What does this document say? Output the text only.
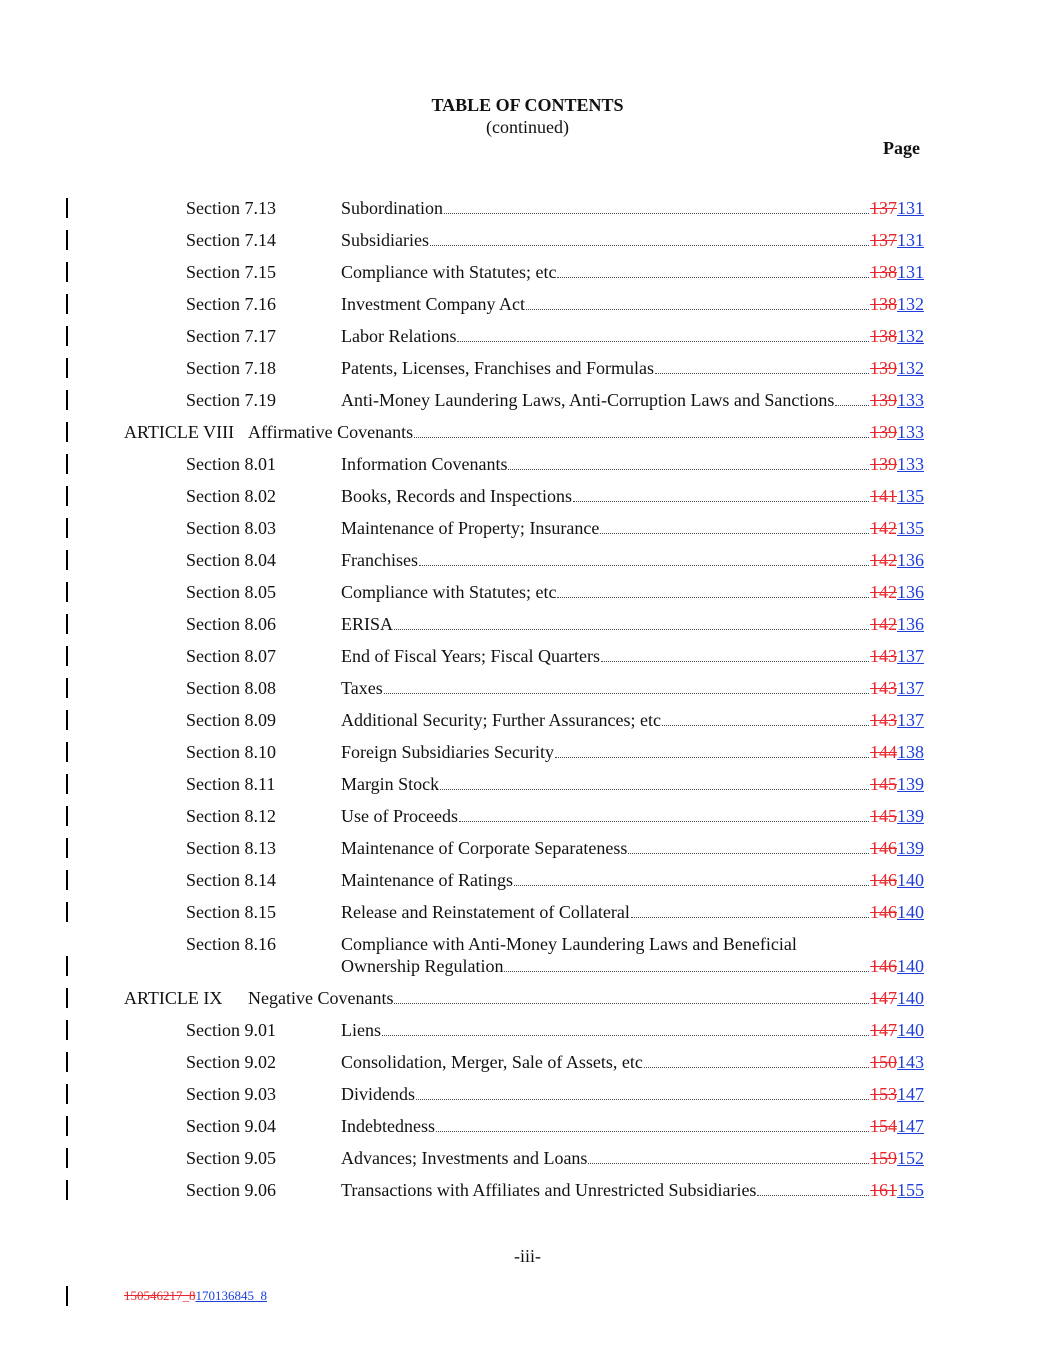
TABLE OF CONTENTS
(continued)
Page
Section 7.13	Subordination	137 131
Section 7.14	Subsidiaries	137 131
Section 7.15	Compliance with Statutes; etc	138 131
Section 7.16	Investment Company Act	138 132
Section 7.17	Labor Relations	138 132
Section 7.18	Patents, Licenses, Franchises and Formulas	139 132
Section 7.19	Anti-Money Laundering Laws, Anti-Corruption Laws and Sanctions 139 133
ARTICLE VIII Affirmative Covenants	139 133
Section 8.01	Information Covenants	139 133
Section 8.02	Books, Records and Inspections	141 135
Section 8.03	Maintenance of Property; Insurance	142 135
Section 8.04	Franchises	142 136
Section 8.05	Compliance with Statutes; etc	142 136
Section 8.06	ERISA	142 136
Section 8.07	End of Fiscal Years; Fiscal Quarters	143 137
Section 8.08	Taxes	143 137
Section 8.09	Additional Security; Further Assurances; etc	143 137
Section 8.10	Foreign Subsidiaries Security	144 138
Section 8.11	Margin Stock	145 139
Section 8.12	Use of Proceeds	145 139
Section 8.13	Maintenance of Corporate Separateness	146 139
Section 8.14	Maintenance of Ratings	146 140
Section 8.15	Release and Reinstatement of Collateral	146 140
Section 8.16	Compliance with Anti-Money Laundering Laws and Beneficial
Ownership Regulation	146 140
ARTICLE IX	Negative Covenants	147 140
Section 9.01	Liens	147 140
Section 9.02	Consolidation, Merger, Sale of Assets, etc	150 143
Section 9.03	Dividends	153 147
Section 9.04	Indebtedness	154 147
Section 9.05	Advances; Investments and Loans	159 152
Section 9.06	Transactions with Affiliates and Unrestricted Subsidiaries	161 155
-iii-
150546217_8170136845_8
